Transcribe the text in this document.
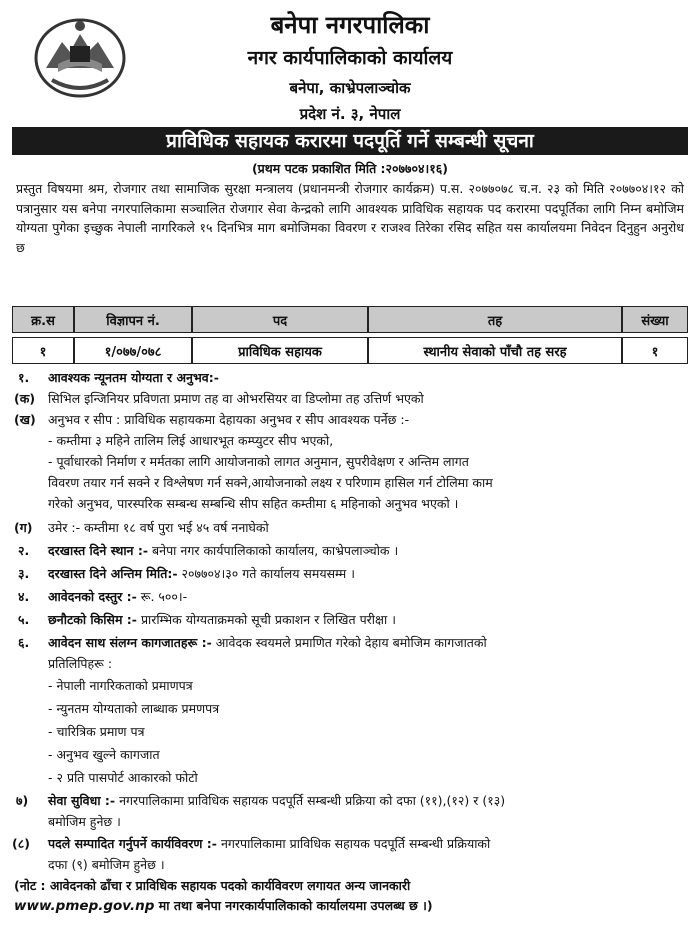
बनेपा नगरपालिका
नगर कार्यपालिकाको कार्यालय
बनेपा, काभ्रेपलाञ्चोक
प्रदेश नं. ३, नेपाल
प्राविधिक सहायक करारमा पदपूर्ति गर्ने सम्बन्धी सूचना
(प्रथम पटक प्रकाशित मिति :२०७७०४।१६)
प्रस्तुत विषयमा श्रम, रोजगार तथा सामाजिक सुरक्षा मन्त्रालय (प्रधानमन्त्री रोजगार कार्यक्रम) प.स. २०७७०७८ च.न. २३ को मिति २०७७०४।१२ को पत्रानुसार यस बनेपा नगरपालिकामा सञ्चालित रोजगार सेवा केन्द्रको लागि आवश्यक प्राविधिक सहायक पद करारमा पदपूर्तिका लागि निम्न बमोजिम योग्यता पुगेका इच्छुक नेपाली नागरिकले १५ दिनभित्र माग बमोजिमका विवरण र राजश्व तिरेका रसिद सहित यस कार्यालयमा निवेदन दिनुहुन अनुरोध छ
क्र.स	विज्ञापन नं.	पद	तह	संख्या
१	१/०७७/०७८	प्राविधिक सहायक	स्थानीय सेवाको पाँचौ तह सरह	१
१. आवश्यक न्यूनतम योग्यता र अनुभव:-
(क) सिभिल इन्जिनियर प्रविणता प्रमाण तह वा ओभरसियर वा डिप्लोमा तह उत्तिर्ण भएको
(ख) अनुभव र सीप : प्राविधिक सहायकमा देहायका अनुभव र सीप आवश्यक पर्नेछ :-
- कम्तीमा ३ महिने तालिम लिई आधारभूत कम्प्युटर सीप भएको,
- पूर्वाधारको निर्माण र मर्मतका लागि आयोजनाको लागत अनुमान, सुपरीवेक्षण र अन्तिम लागत
विवरण तयार गर्न सक्ने र विश्लेषण गर्न सक्ने,आयोजनाको लक्ष्य र परिणाम हासिल गर्न टोलिमा काम
गरेको अनुभव, पारस्परिक सम्बन्ध सम्बन्धि सीप सहित कम्तीमा ६ महिनाको अनुभव भएको ।
(ग) उमेर :- कम्तीमा १८ वर्ष पुरा भई ४५ वर्ष ननाघेको
२. दरखास्त दिने स्थान :- बनेपा नगर कार्यपालिकाको कार्यालय, काभ्रेपलाञ्चोक ।
३. दरखास्त दिने अन्तिम मिति:- २०७७०४।३० गते कार्यालय समयसम्म ।
४. आवेदनको दस्तुर :- रू. ५००।-
५. छनौटको किसिम :- प्रारम्भिक योग्यताक्रमको सूची प्रकाशन र लिखित परीक्षा ।
६. आवेदन साथ संलग्न कागजातहरू :- आवेदक स्वयमले प्रमाणित गरेको देहाय बमोजिम कागजातको
प्रतिलिपिहरू :
- नेपाली नागरिकताको प्रमाणपत्र
- न्युनतम योग्यताको लाब्धाक प्रमणपत्र
- चारित्रिक प्रमाण पत्र
- अनुभव खुल्ने कागजात
- २ प्रति पासपोर्ट आकारको फोटो
७) सेवा सुविधा :- नगरपालिकामा प्राविधिक सहायक पदपूर्ति सम्बन्धी प्रक्रिया को दफा (११),(१२) र (१३)
बमोजिम हुनेछ ।
(८) पदले सम्पादित गर्नुपर्ने कार्यविवरण :- नगरपालिकामा प्राविधिक सहायक पदपूर्ति सम्बन्धी प्रक्रियाको
दफा (९) बमोजिम हुनेछ ।
(नोट : आवेदनको ढाँचा र प्राविधिक सहायक पदको कार्यविवरण लगायत अन्य जानकारी
www.pmep.gov.np मा तथा बनेपा नगरकार्यपालिकाको कार्यालयमा उपलब्ध छ ।)
